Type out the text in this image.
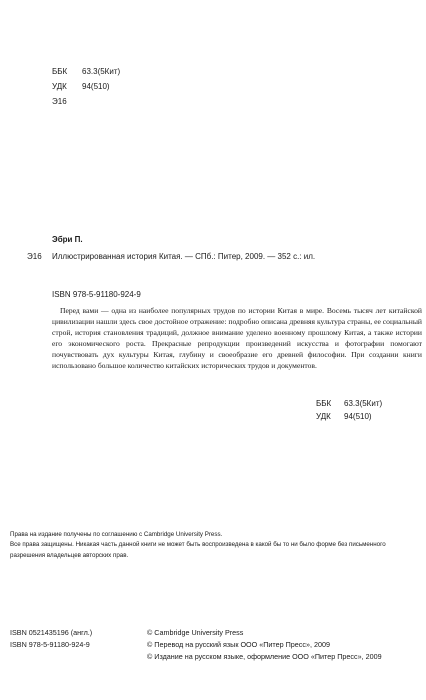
ББК 63.3(5Кит)
УДК 94(510)
Э16
Эбри П.
Э16 Иллюстрированная история Китая. — СПб.: Питер, 2009. — 352 с.: ил.
ISBN 978-5-91180-924-9

Перед вами — одна из наиболее популярных трудов по истории Китая в мире. Восемь тысяч лет китайской цивилизации нашли здесь свое достойное отражение: подробно описана древняя культура страны, ее социальный строй, история становления традиций, должное внимание уделено военному прошлому Китая, а также истории его экономического роста. Прекрасные репродукции произведений искусства и фотографии помогают почувствовать дух культуры Китая, глубину и своеобразие его древней философии. При создании книги использовано большое количество китайских исторических трудов и документов.

ББК 63.3(5Кит)
УДК 94(510)
Права на издание получены по соглашению с Cambridge University Press.
Все права защищены. Никакая часть данной книги не может быть воспроизведена в какой бы то ни было форме без письменного
разрешения владельцев авторских прав.
ISBN 0521435196 (англ.)
ISBN 978-5-91180-924-9
© Cambridge University Press
© Перевод на русский язык ООО «Питер Пресс», 2009
© Издание на русском языке, оформление ООО «Питер Пресс», 2009
